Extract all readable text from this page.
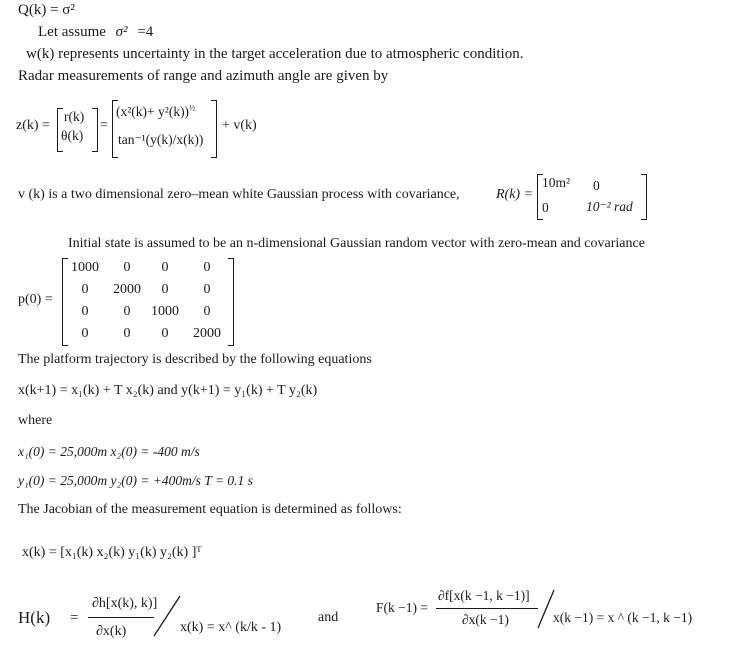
Q(k) = σ²
Let assume σ² =4
w(k) represents uncertainty in the target acceleration due to atmospheric condition.
Radar measurements of range and azimuth angle are given by
z(k) =
r(k)
θ(k)
=
$(x^2(k)+ y^2(k))^{\frac{1}{2}}$
tan⁻¹(y(k)/x(k))
+ v(k)
v (k) is a two dimensional zero–mean white Gaussian process with covariance,	R(k) =
10m² 0
0	10⁻² rad
Initial state is assumed to be an n-dimensional Gaussian random vector with zero-mean and covariance
p(0) =
1000	0	0	0
0	2000	0	0
0	0	1000	0
0	0	0	2000
The platform trajectory is described by the following equations
x(k+1) = x₁(k) + T x₂(k) and y(k+1) = y₁(k) + T y₂(k)
where
x₁(0) = 25,000m x₂(0) = -400 m/s
y₁(0) = 25,000m y₂(0) = +400m/s T = 0.1 s
The Jacobian of the measurement equation is determined as follows:
x(k) = [x₁(k) x₂(k) y₁(k) y₂(k) ]ᵀ
H(k) =
∂h[x(k), k)]
∂x(k)	x(k) = x^ (k/k - 1)
and
F(k −1) =
∂f[x(k −1, k −1)]
∂x(k −1)	x(k −1) = x ^ (k −1, k −1)
